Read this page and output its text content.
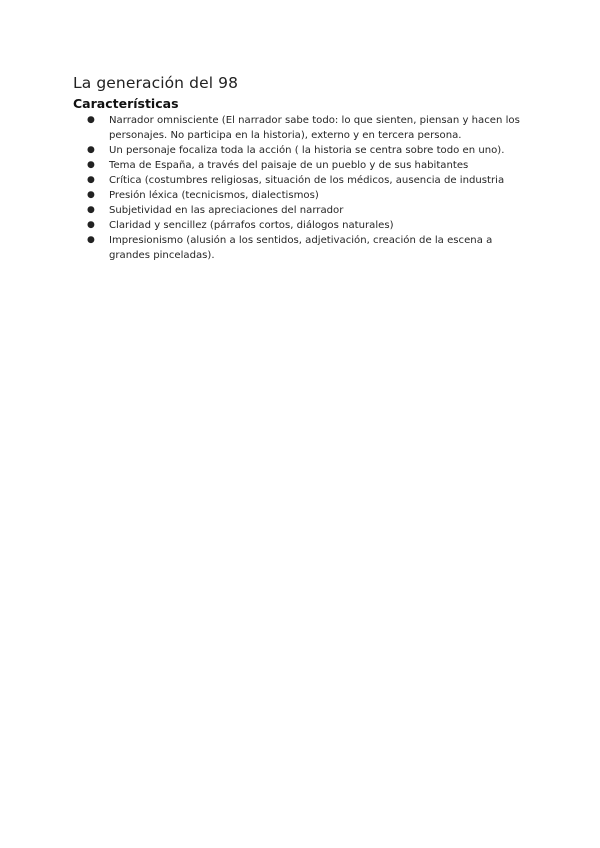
La generación del 98
Características
● Narrador omnisciente (El narrador sabe todo: lo que sienten, piensan y hacen los personajes. No participa en la historia), externo y en tercera persona.
● Un personaje focaliza toda la acción ( la historia se centra sobre todo en uno).
● Tema de España, a través del paisaje de un pueblo y de sus habitantes
● Crítica (costumbres religiosas, situación de los médicos, ausencia de industria
● Presión léxica (tecnicismos, dialectismos)
● Subjetividad en las apreciaciones del narrador
● Claridad y sencillez (párrafos cortos, diálogos naturales)
● Impresionismo (alusión a los sentidos, adjetivación, creación de la escena a grandes pinceladas).
